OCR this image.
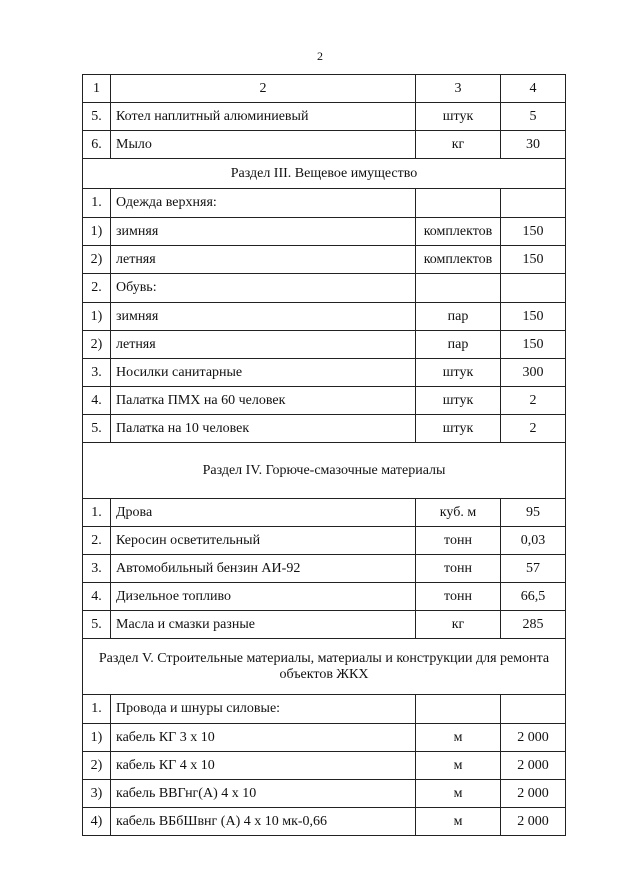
2
1	2	3	4
5.	Котел наплитный алюминиевый	штук	5
6.	Мыло	кг	30
Раздел III. Вещевое имущество			
1.	Одежда верхняя:		
1)	зимняя	комплектов	150
2)	летняя	комплектов	150
2.	Обувь:		
1)	зимняя	пар	150
2)	летняя	пар	150
3.	Носилки санитарные	штук	300
4.	Палатка ПМХ на 60 человек	штук	2
5.	Палатка на 10 человек	штук	2
Раздел IV. Горюче-смазочные материалы			
1.	Дрова	куб. м	95
2.	Керосин осветительный	тонн	0,03
3.	Автомобильный бензин АИ-92	тонн	57
4.	Дизельное топливо	тонн	66,5
5.	Масла и смазки разные	кг	285
Раздел V. Строительные материалы, материалы и конструкции для ремонта объектов ЖКХ			
1.	Провода и шнуры силовые:		
1)	кабель КГ 3 х 10	м	2 000
2)	кабель КГ 4 х 10	м	2 000
3)	кабель ВВГнг(А) 4 х 10	м	2 000
4)	кабель ВБбШвнг (А) 4 х 10 мк-0,66	м	2 000
